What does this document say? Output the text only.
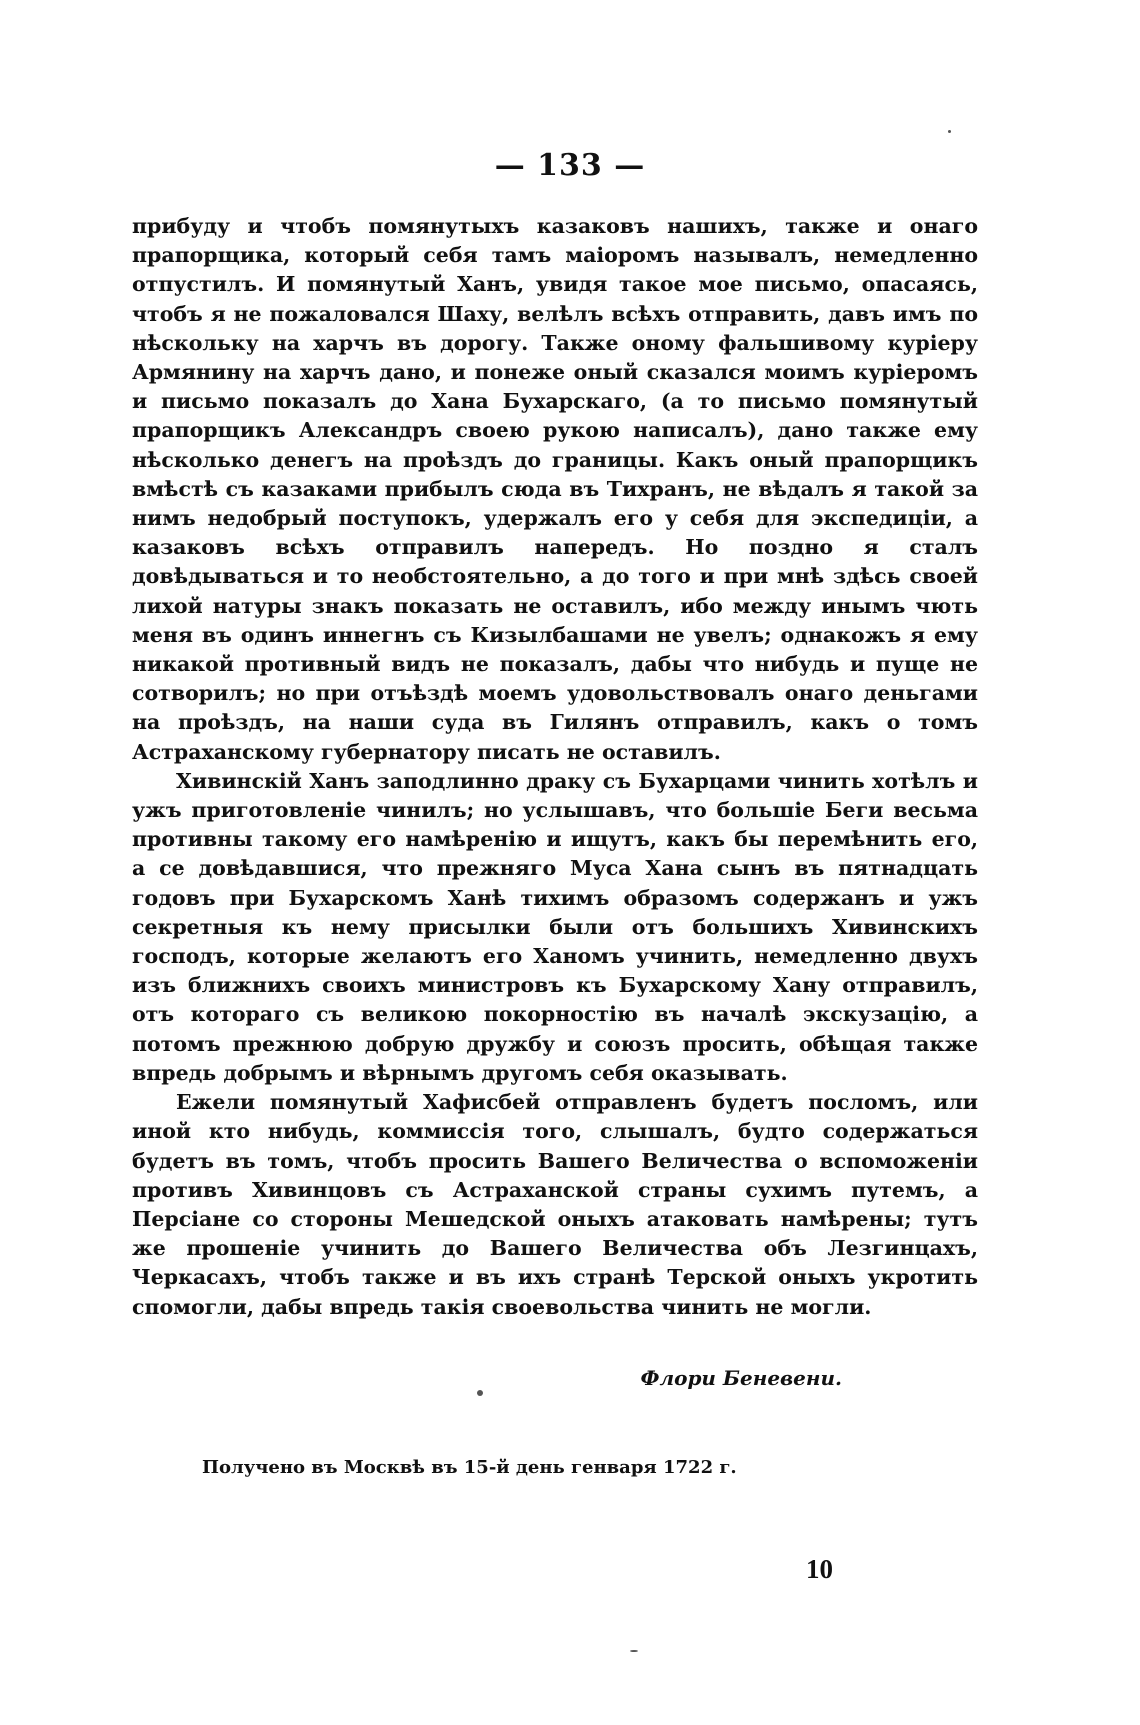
— 133 —

прибуду и чтобъ помянутыхъ казаковъ нашихъ, также и онаго прапорщика, который себя тамъ маіоромъ называлъ, немедленно отпустилъ. И помянутый Ханъ, увидя такое мое письмо, опасаясь, чтобъ я не пожаловался Шаху, велѣлъ всѣхъ отправить, давъ имъ по нѣскольку на харчъ въ дорогу. Также оному фальшивому куріеру Армянину на харчъ дано, и понеже оный сказался моимъ куріеромъ и письмо показалъ до Хана Бухарскаго, (а то письмо помянутый прапорщикъ Александръ своею рукою написалъ), дано также ему нѣсколько денегъ на проѣздъ до границы. Какъ оный прапорщикъ вмѣстѣ съ казаками прибылъ сюда въ Тихранъ, не вѣдалъ я такой за нимъ недобрый поступокъ, удержалъ его у себя для экспедиціи, а казаковъ всѣхъ отправилъ напередъ. Но поздно я сталъ довѣдываться и то необстоятельно, а до того и при мнѣ здѣсь своей лихой натуры знакъ показать не оставилъ, ибо между инымъ чють меня въ одинъ иннегнъ съ Кизылбашами не увелъ; однакожъ я ему никакой противный видъ не показалъ, дабы что нибудь и пуще не сотворилъ; но при отъѣздѣ моемъ удовольствовалъ онаго деньгами на проѣздъ, на наши суда въ Гилянъ отправилъ, какъ о томъ Астраханскому губернатору писать не оставилъ.

Хивинскій Ханъ заподлинно драку съ Бухарцами чинить хотѣлъ и ужъ приготовленіе чинилъ; но услышавъ, что большіе Беги весьма противны такому его намѣренію и ищутъ, какъ бы перемѣнить его, а се довѣдавшися, что прежняго Муса Хана сынъ въ пятнадцать годовъ при Бухарскомъ Ханѣ тихимъ образомъ содержанъ и ужъ секретныя къ нему присылки были отъ большихъ Хивинскихъ господъ, которые желаютъ его Ханомъ учинить, немедленно двухъ изъ ближнихъ своихъ министровъ къ Бухарскому Хану отправилъ, отъ котораго съ великою покорностію въ началѣ экскузацію, а потомъ прежнюю добрую дружбу и союзъ просить, обѣщая также впредь добрымъ и вѣрнымъ другомъ себя оказывать.

Ежели помянутый Хафисбей отправленъ будетъ посломъ, или иной кто нибудь, коммиссія того, слышалъ, будто содержаться будетъ въ томъ, чтобъ просить Вашего Величества о вспоможеніи противъ Хивинцовъ съ Астраханской страны сухимъ путемъ, а Персіане со стороны Мешедской оныхъ атаковать намѣрены; тутъ же прошеніе учинить до Вашего Величества объ Лезгинцахъ, Черкасахъ, чтобъ также и въ ихъ странѣ Терской оныхъ укротить спомогли, дабы впредь такія своевольства чинить не могли.

Флори Беневени.
Получено въ Москвѣ въ 15-й день генваря 1722 г.
10
